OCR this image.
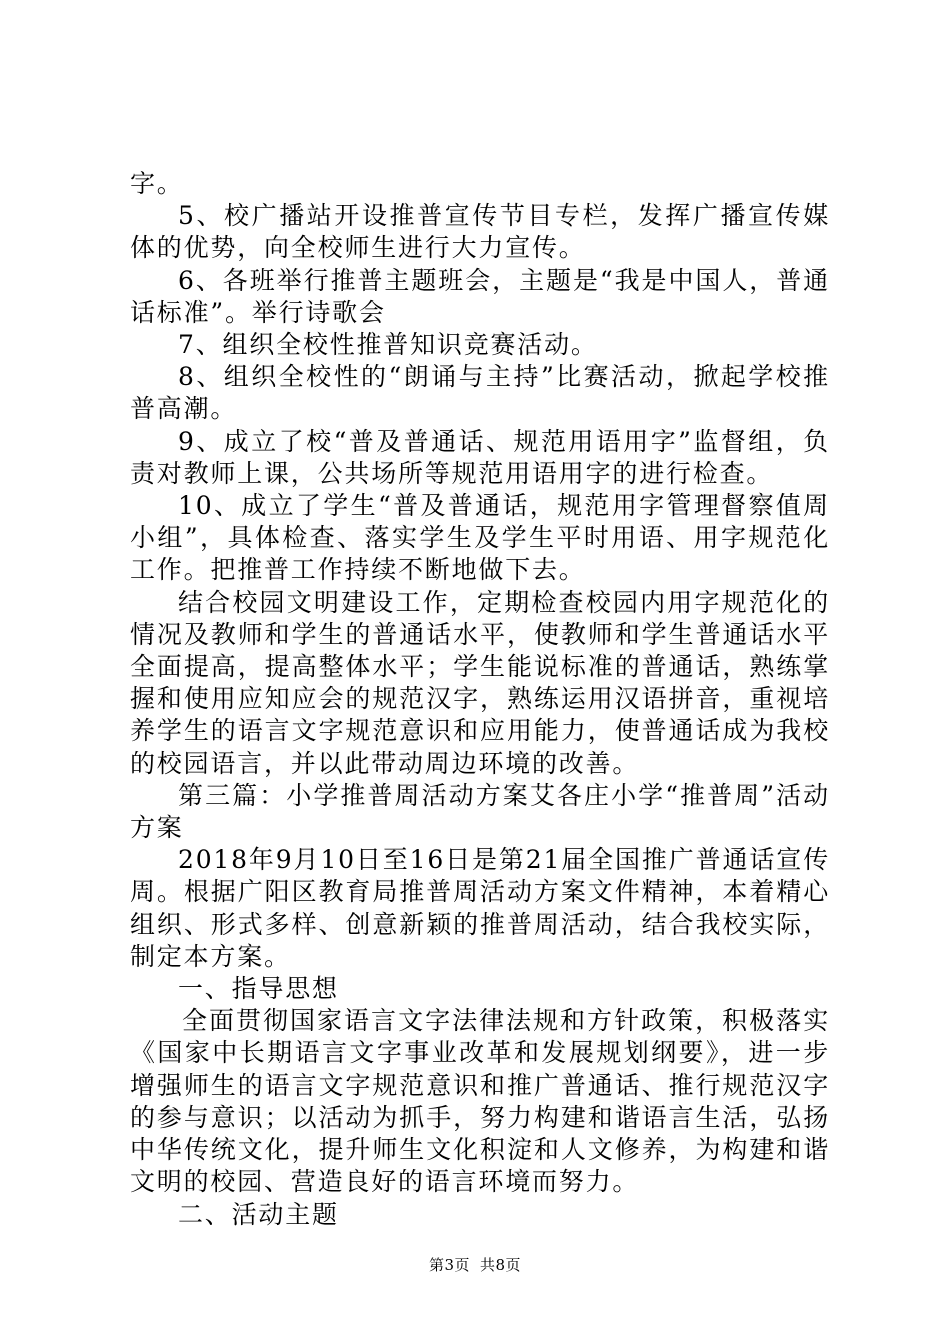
字。

5、校广播站开设推普宣传节目专栏，发挥广播宣传媒体的优势，向全校师生进行大力宣传。

6、各班举行推普主题班会，主题是“我是中国人，普通话标准”。举行诗歌会

7、组织全校性推普知识竞赛活动。

8、组织全校性的“朗诵与主持”比赛活动，掀起学校推普高潮。

9、成立了校“普及普通话、规范用语用字”监督组，负责对教师上课，公共场所等规范用语用字的进行检查。

10、成立了学生“普及普通话，规范用字管理督察值周小组”，具体检查、落实学生及学生平时用语、用字规范化工作。把推普工作持续不断地做下去。

结合校园文明建设工作，定期检查校园内用字规范化的情况及教师和学生的普通话水平，使教师和学生普通话水平全面提高，提高整体水平；学生能说标准的普通话，熟练掌握和使用应知应会的规范汉字，熟练运用汉语拼音，重视培养学生的语言文字规范意识和应用能力，使普通话成为我校的校园语言，并以此带动周边环境的改善。

第三篇：小学推普周活动方案艾各庄小学“推普周”活动方案

2018年9月10日至16日是第21届全国推广普通话宣传周。根据广阳区教育局推普周活动方案文件精神，本着精心组织、形式多样、创意新颖的推普周活动，结合我校实际，制定本方案。

一、指导思想

全面贯彻国家语言文字法律法规和方针政策，积极落实《国家中长期语言文字事业改革和发展规划纲要》，进一步增强师生的语言文字规范意识和推广普通话、推行规范汉字的参与意识；以活动为抓手，努力构建和谐语言生活，弘扬中华传统文化，提升师生文化积淀和人文修养，为构建和谐文明的校园、营造良好的语言环境而努力。

二、活动主题

第3页 共8页
